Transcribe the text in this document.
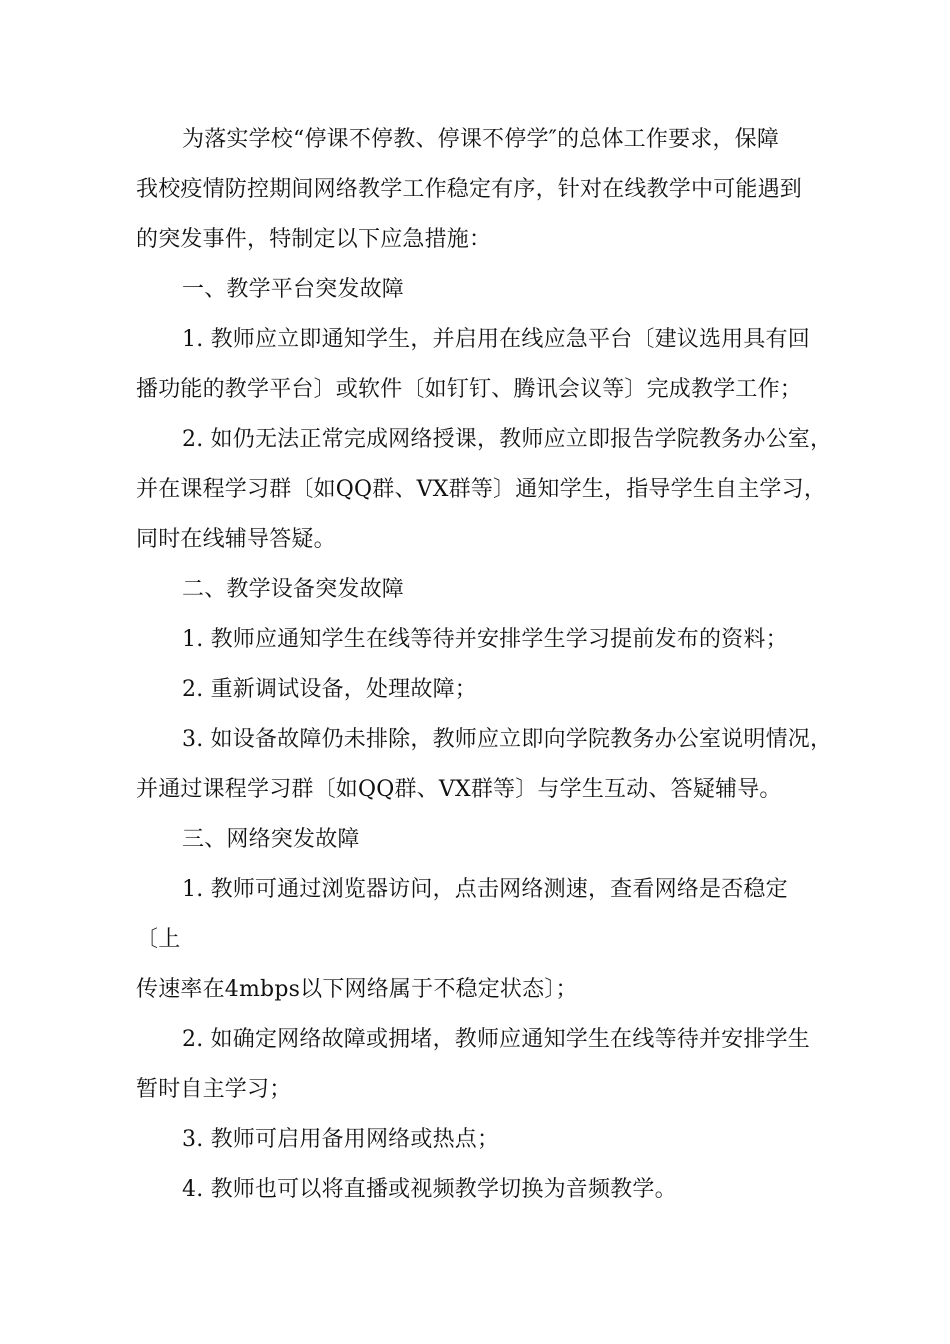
为落实学校“停课不停教、停课不停学″的总体工作要求，保障
我校疫情防控期间网络教学工作稳定有序，针对在线教学中可能遇到
的突发事件，特制定以下应急措施：
一、教学平台突发故障
1. 教师应立即通知学生，并启用在线应急平台〔建议选用具有回
播功能的教学平台〕或软件〔如钉钉、腾讯会议等〕完成教学工作；
2. 如仍无法正常完成网络授课，教师应立即报告学院教务办公室，
并在课程学习群〔如QQ群、VX群等〕通知学生，指导学生自主学习，
同时在线辅导答疑。
二、教学设备突发故障
1. 教师应通知学生在线等待并安排学生学习提前发布的资料；
2. 重新调试设备，处理故障；
3. 如设备故障仍未排除，教师应立即向学院教务办公室说明情况，
并通过课程学习群〔如QQ群、VX群等〕与学生互动、答疑辅导。
三、网络突发故障
1. 教师可通过浏览器访问，点击网络测速，查看网络是否稳定
〔上
传速率在4mbps以下网络属于不稳定状态〕；
2. 如确定网络故障或拥堵，教师应通知学生在线等待并安排学生
暂时自主学习；
3. 教师可启用备用网络或热点；
4. 教师也可以将直播或视频教学切换为音频教学。
